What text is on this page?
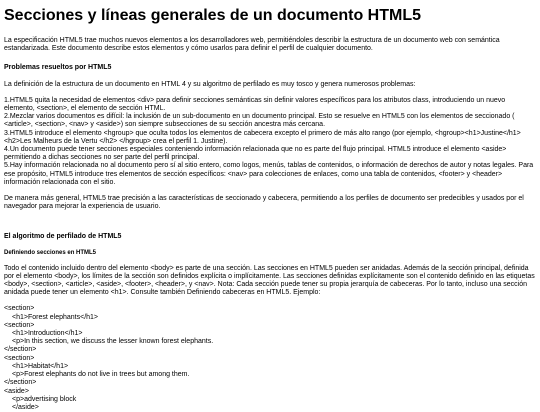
Secciones y líneas generales de un documento HTML5

La especificación HTML5 trae muchos nuevos elementos a los desarrolladores web, permitiéndoles describir la estructura de un documento web con semántica estandarizada. Este documento describe estos elementos y cómo usarlos para definir el perfil de cualquier documento.

Problemas resueltos por HTML5

La definición de la estructura de un documento en HTML 4 y su algoritmo de perfilado es muy tosco y genera numerosos problemas:

1.HTML5 quita la necesidad de elementos <div> para definir secciones semánticas sin definir valores específicos para los atributos class, introduciendo un nuevo elemento, <section>, el elemento de sección HTML.
2.Mezclar varios documentos es difícil: la inclusión de un sub-documento en un documento principal. Esto se resuelve en HTML5 con los elementos de seccionado ( <article>, <section>, <nav> y <aside>) son siempre subsecciones de su sección ancestra más cercana.
3.HTML5 introduce el elemento <hgroup> que oculta todos los elementos de cabecera excepto el primero de más alto rango (por ejemplo, <hgroup><h1>Justine</h1><h2>Les Malheurs de la Vertu </h2> </hgroup> crea el perfil 1. Justine).
4.Un documento puede tener secciones especiales conteniendo información relacionada que no es parte del flujo principal. HTML5 introduce el elemento <aside> permitiendo a dichas secciones no ser parte del perfil principal.
5.Hay información relacionada no al documento pero sí al sitio entero, como logos, menús, tablas de contenidos, o información de derechos de autor y notas legales. Para ese propósito, HTML5 introduce tres elementos de sección específicos: <nav> para colecciones de enlaces, como una tabla de contenidos, <footer> y <header> información relacionada con el sitio.

De manera más general, HTML5 trae precisión a las características de seccionado y cabecera, permitiendo a los perfiles de documento ser predecibles y usados por el navegador para mejorar la experiencia de usuario.

El algoritmo de perfilado de HTML5
Definiendo secciones en HTML5

Todo el contenido incluido dentro del elemento <body> es parte de una sección. Las secciones en HTML5 pueden ser anidadas. Además de la sección principal, definida por el elemento <body>, los límites de la sección son definidos explícita o implícitamente. Las secciones definidas explícitamente son el contenido definido en las etiquetas <body>, <section>, <article>, <aside>, <footer>, <header>, y <nav>. Nota: Cada sección puede tener su propia jerarquía de cabeceras. Por lo tanto, incluso una sección anidada puede tener un elemento <h1>. Consulte también Definiendo cabeceras en HTML5. Ejemplo:

<section>
<h1>Forest elephants</h1>
<section>
<h1>Introduction</h1>
<p>In this section, we discuss the lesser known forest elephants.
</section>
<section>
<h1>Habitat</h1>
<p>Forest elephants do not live in trees but among them.
</section>
<aside>
<p>advertising block
</aside>
